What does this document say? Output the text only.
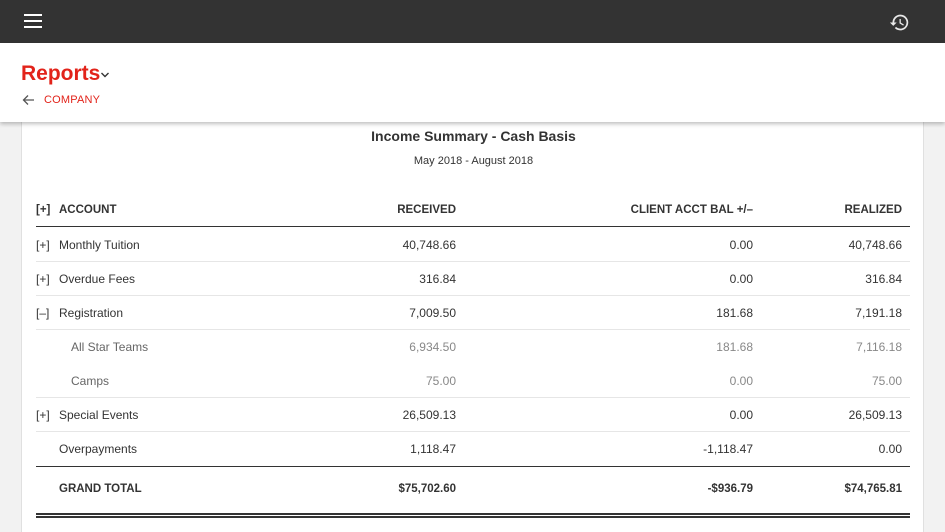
Reports
COMPANY
Income Summary - Cash Basis
May 2018 - August 2018
[+] ACCOUNT	RECEIVED	CLIENT ACCT BAL +/–	REALIZED
[+] Monthly Tuition	40,748.66	0.00	40,748.66
[+] Overdue Fees	316.84	0.00	316.84
[–] Registration	7,009.50	181.68	7,191.18
All Star Teams	6,934.50	181.68	7,116.18
Camps	75.00	0.00	75.00
[+] Special Events	26,509.13	0.00	26,509.13
Overpayments	1,118.47	-1,118.47	0.00
GRAND TOTAL	$75,702.60	-$936.79	$74,765.81
